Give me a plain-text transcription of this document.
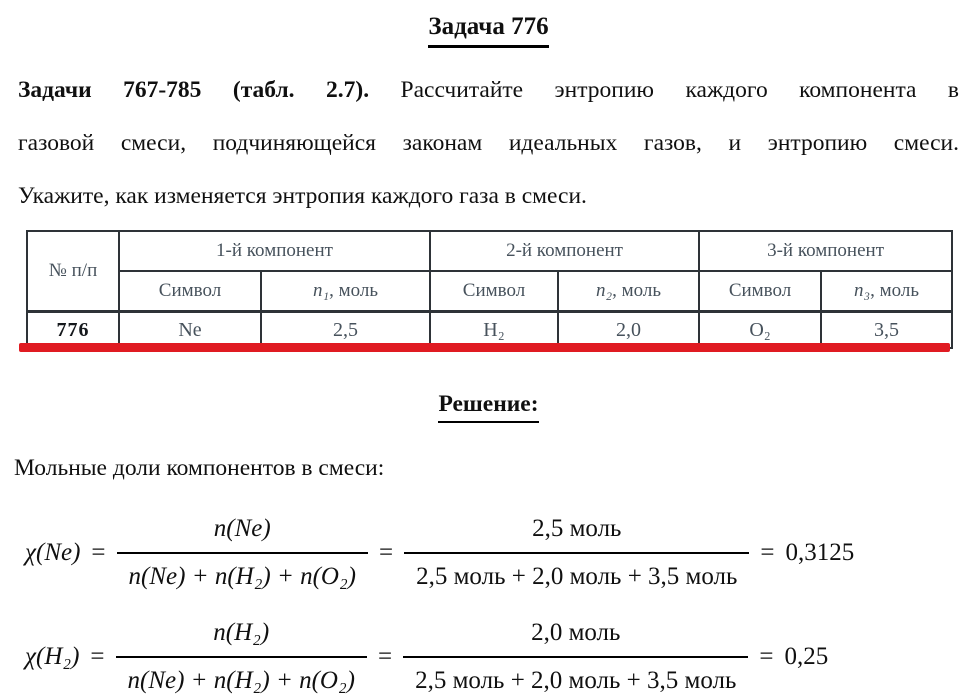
Задача 776
Задачи 767-785 (табл. 2.7). Рассчитайте энтропию каждого компонента в
газовой смеси, подчиняющейся законам идеальных газов, и энтропию смеси.
Укажите, как изменяется энтропия каждого газа в смеси.
№ п/п	1-й компонент		2-й компонент		3-й компонент	
	Символ	n₁, моль	Символ	n₂, моль	Символ	n₃, моль
776	Ne	2,5	H₂	2,0	O₂	3,5
Решение:
Мольные доли компонентов в смеси:
$\chi(Ne) = \frac{n(Ne)}{\text{n(Ne) + n(H₂) + n(O₂)}} = \frac{\text{2,5 моль}}{\text{2,5 моль + 2,0 моль + 3,5 моль}} = 0,3125$
$\chi(H_2) = \frac{\text{n(H₂)}}{\text{n(Ne) + n(H₂) + n(O₂)}} = \frac{\text{2,0 моль}}{\text{2,5 моль + 2,0 моль + 3,5 моль}} = 0,25$
